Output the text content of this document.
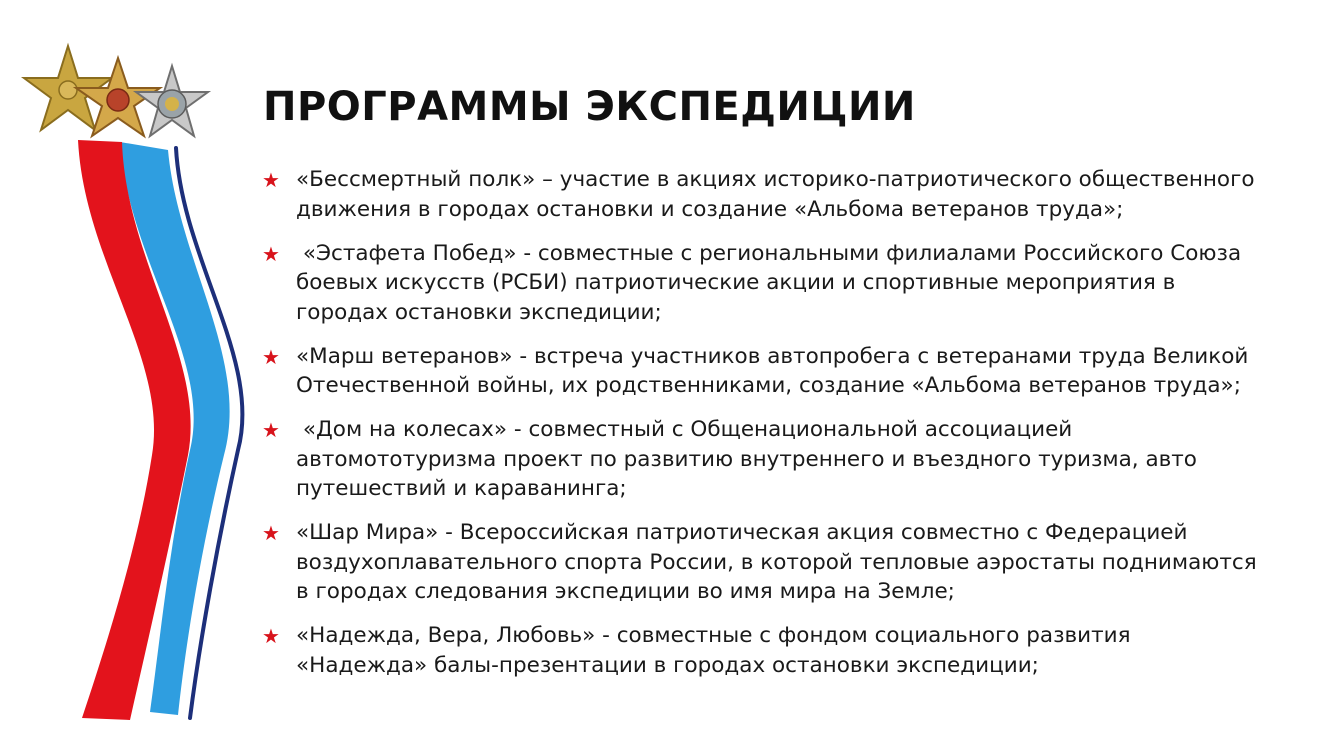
ПРОГРАММЫ ЭКСПЕДИЦИИ
★ «Бессмертный полк» – участие в акциях историко-патриотического общественного
движения в городах остановки и создание «Альбома ветеранов труда»;
★ «Эстафета Побед» - совместные с региональными филиалами Российского Союза
боевых искусств (РСБИ) патриотические акции и спортивные мероприятия в
городах остановки экспедиции;
★ «Марш ветеранов» - встреча участников автопробега с ветеранами труда Великой
Отечественной войны, их родственниками, создание «Альбома ветеранов труда»;
★ «Дом на колесах» - совместный с Общенациональной ассоциацией
автомототуризма проект по развитию внутреннего и въездного туризма, авто
путешествий и караванинга;
★ «Шар Мира» - Всероссийская патриотическая акция совместно с Федерацией
воздухоплавательного спорта России, в которой тепловые аэростаты поднимаются
в городах следования экспедиции во имя мира на Земле;
★ «Надежда, Вера, Любовь» - совместные с фондом социального развития
«Надежда» балы-презентации в городах остановки экспедиции;
